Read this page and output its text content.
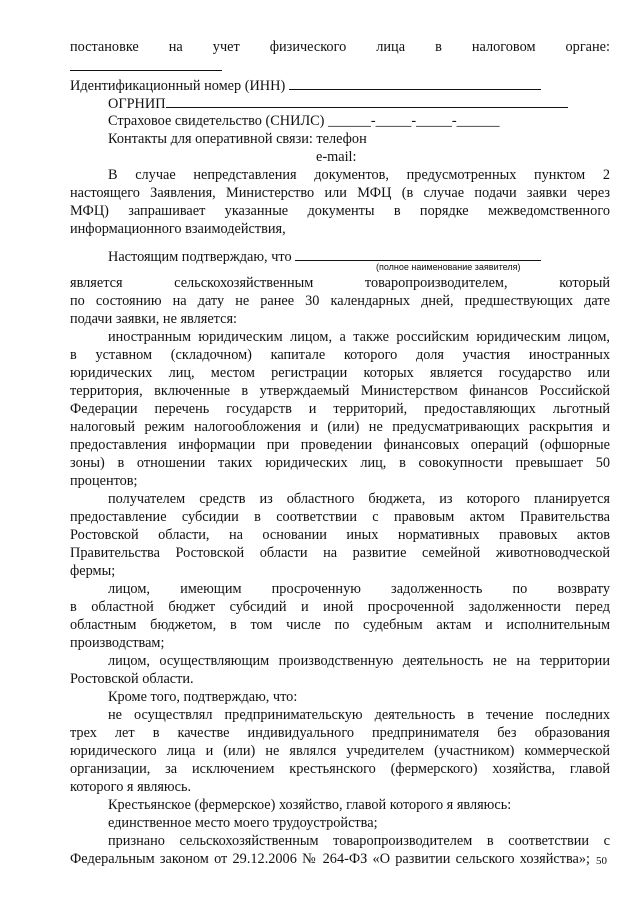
постановке на учет физического лица в налоговом органе:
Идентификационный номер (ИНН)
ОГРНИП
Страховое свидетельство (СНИЛС) ______-_____-_____-______
Контакты для оперативной связи: телефон
e-mail:
В случае непредставления документов, предусмотренных пунктом 2
настоящего Заявления, Министерство или МФЦ (в случае подачи заявки через
МФЦ) запрашивает указанные документы в порядке межведомственного
информационного взаимодействия,
Настоящим подтверждаю, что
(полное наименование заявителя)
является сельскохозяйственным товаропроизводителем, который
по состоянию на дату не ранее 30 календарных дней, предшествующих дате
подачи заявки, не является:
иностранным юридическим лицом, а также российским юридическим лицом,
в уставном (складочном) капитале которого доля участия иностранных
юридических лиц, местом регистрации которых является государство или
территория, включенные в утверждаемый Министерством финансов Российской
Федерации перечень государств и территорий, предоставляющих льготный
налоговый режим налогообложения и (или) не предусматривающих раскрытия и
предоставления информации при проведении финансовых операций (офшорные
зоны) в отношении таких юридических лиц, в совокупности превышает 50
процентов;
получателем средств из областного бюджета, из которого планируется
предоставление субсидии в соответствии с правовым актом Правительства
Ростовской области, на основании иных нормативных правовых актов
Правительства Ростовской области на развитие семейной животноводческой
фермы;
лицом, имеющим просроченную задолженность по возврату
в областной бюджет субсидий и иной просроченной задолженности перед
областным бюджетом, в том числе по судебным актам и исполнительным
производствам;
лицом, осуществляющим производственную деятельность не на территории
Ростовской области.
Кроме того, подтверждаю, что:
не осуществлял предпринимательскую деятельность в течение последних
трех лет в качестве индивидуального предпринимателя без образования
юридического лица и (или) не являлся учредителем (участником) коммерческой
организации, за исключением крестьянского (фермерского) хозяйства, главой
которого я являюсь.
Крестьянское (фермерское) хозяйство, главой которого я являюсь:
единственное место моего трудоустройства;
признано сельскохозяйственным товаропроизводителем в соответствии с
Федеральным законом от 29.12.2006 № 264-ФЗ «О развитии сельского хозяйства»; 50
